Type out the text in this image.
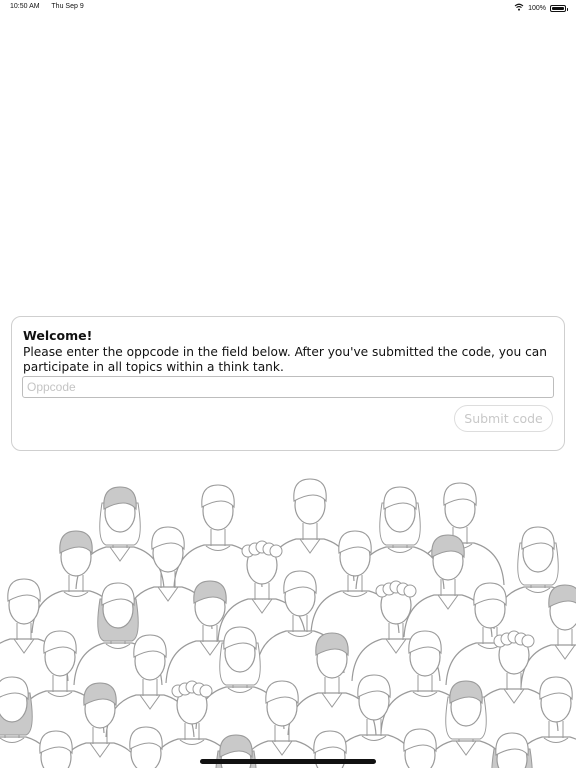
10:50 AM Thu Sep 9	100%
Welcome!
Please enter the oppcode in the field below. After you've submitted the code, you can participate in all topics within a think tank.
Oppcode
Submit code
